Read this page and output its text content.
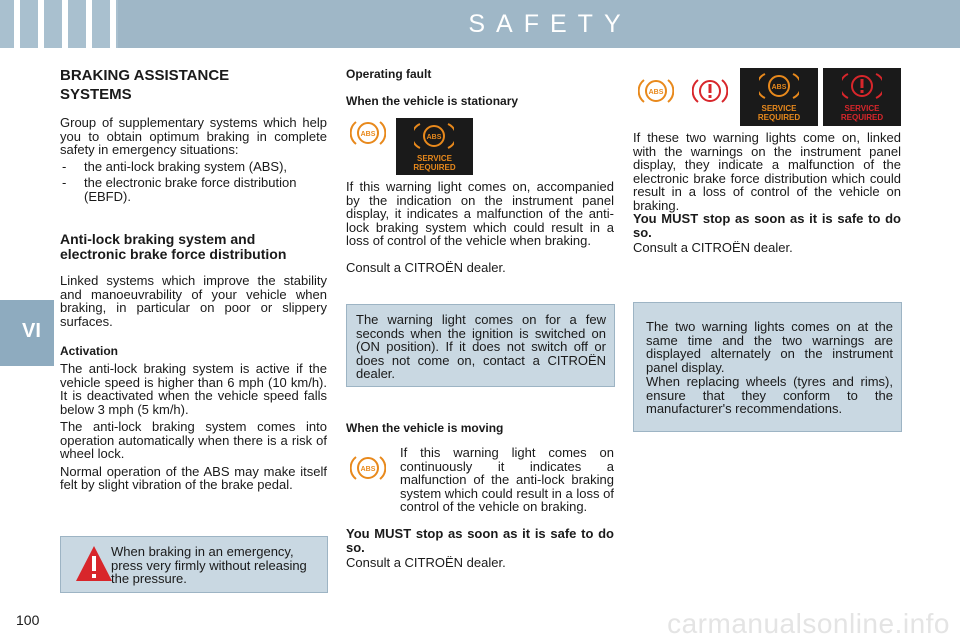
SAFETY
VI

BRAKING ASSISTANCE SYSTEMS

Group of supplementary systems which help you to obtain optimum braking in complete safety in emergency situations:

-	the anti-lock braking system (ABS),
-	the electronic brake force distribution (EBFD).

Anti-lock braking system and electronic brake force distribution

Linked systems which improve the stability and manoeuvrability of your vehicle when braking, in particular on poor or slippery surfaces.

Activation

The anti-lock braking system is active if the vehicle speed is higher than 6 mph (10 km/h). It is deactivated when the vehicle speed falls below 3 mph (5 km/h).

The anti-lock braking system comes into operation automatically when there is a risk of wheel lock.

Normal operation of the ABS may make itself felt by slight vibration of the brake pedal.

When braking in an emergency, press very firmly without releasing the pressure.

Operating fault

When the vehicle is stationary

ABS	ABS
SERVICE
REQUIRED

If this warning light comes on, accompanied by the indication on the instrument panel display, it indicates a malfunction of the anti-lock braking system which could result in a loss of control of the vehicle when braking.

Consult a CITROËN dealer.

The warning light comes on for a few seconds when the ignition is switched on (ON position). If it does not switch off or does not come on, contact a CITROËN dealer.

When the vehicle is moving

ABS

If this warning light comes on continuously it indicates a malfunction of the anti-lock braking system which could result in a loss of control of the vehicle on braking.

You MUST stop as soon as it is safe to do so.

Consult a CITROËN dealer.

ABS
ABS
SERVICE
REQUIRED
SERVICE
REQUIRED

If these two warning lights come on, linked with the warnings on the instrument panel display, they indicate a malfunction of the electronic brake force distribution which could result in a loss of control of the vehicle on braking.

You MUST stop as soon as it is safe to do so.

Consult a CITROËN dealer.

The two warning lights comes on at the same time and the two warnings are displayed alternately on the instrument panel display.

When replacing wheels (tyres and rims), ensure that they conform to the manufacturer's recommendations.

100	carmanualsonline.info
